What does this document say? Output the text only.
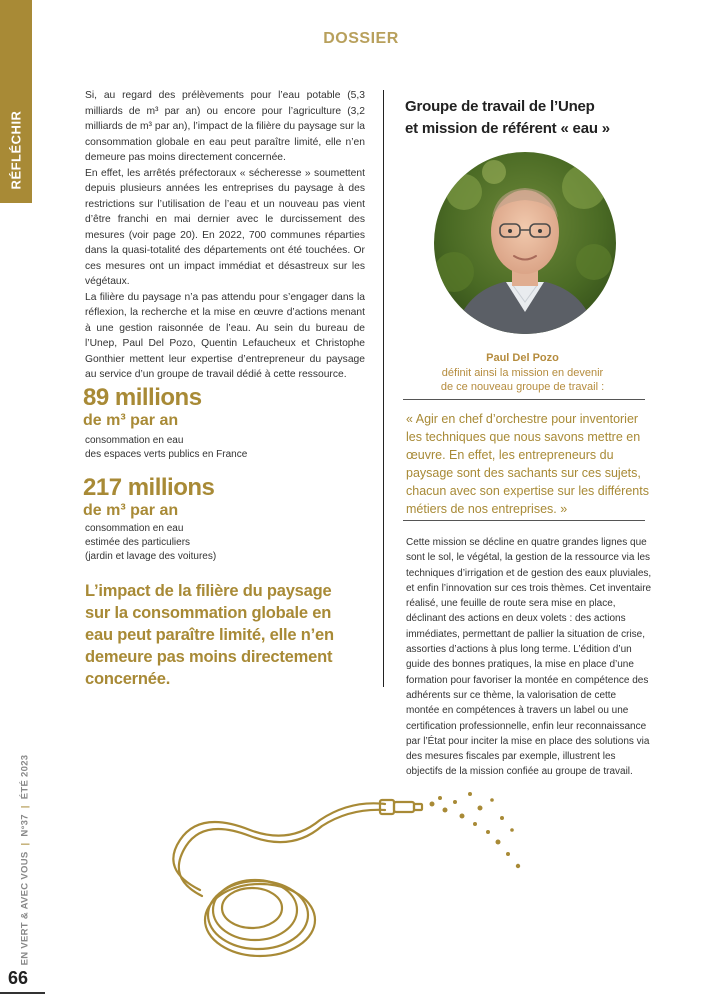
RÉFLÉCHIR
DOSSIER

Si, au regard des prélèvements pour l’eau potable (5,3 milliards de m³ par an) ou encore pour l’agriculture (3,2 milliards de m³ par an), l’impact de la filière du paysage sur la consommation globale en eau peut paraître limité, elle n’en demeure pas moins directement concernée.

En effet, les arrêtés préfectoraux « sécheresse » soumettent depuis plusieurs années les entreprises du paysage à des restrictions sur l’utilisation de l’eau et un nouveau pas vient d’être franchi en mai dernier avec le durcissement des mesures (voir page 20). En 2022, 700 communes réparties dans la quasi-totalité des départements ont été touchées. Or ces mesures ont un impact immédiat et désastreux sur les végétaux.

La filière du paysage n’a pas attendu pour s’engager dans la réflexion, la recherche et la mise en œuvre d’actions menant à une gestion raisonnée de l’eau. Au sein du bureau de l’Unep, Paul Del Pozo, Quentin Lefaucheux et Christophe Gonthier mettent leur expertise d’entrepreneur du paysage au service d’un groupe de travail dédié à cette ressource.

89 millions
de m³ par an
consommation en eau
des espaces verts publics en France
217 millions
de m³ par an
consommation en eau
estimée des particuliers
(jardin et lavage des voitures)
L’impact de la filière du paysage sur la consommation globale en eau peut paraître limité, elle n’en demeure pas moins directement concernée.
Groupe de travail de l’Unep
et mission de référent « eau »
Paul Del Pozo
définit ainsi la mission en devenir
de ce nouveau groupe de travail :
« Agir en chef d’orchestre pour inventorier les techniques que nous savons mettre en œuvre. En effet, les entrepreneurs du paysage sont des sachants sur ces sujets, chacun avec son expertise sur les différents métiers de nos entreprises. »
Cette mission se décline en quatre grandes lignes que sont le sol, le végétal, la gestion de la ressource via les techniques d’irrigation et de gestion des eaux pluviales, et enfin l’innovation sur ces trois thèmes. Cet inventaire réalisé, une feuille de route sera mise en place, déclinant des actions en deux volets : des actions immédiates, permettant de pallier la situation de crise, assorties d’actions à plus long terme. L’édition d’un guide des bonnes pratiques, la mise en place d’une formation pour favoriser la montée en compétence des adhérents sur ce thème, la valorisation de cette montée en compétences à travers un label ou une certification professionnelle, enfin leur reconnaissance par l’État pour inciter la mise en place des solutions via des mesures fiscales par exemple, illustrent les objectifs de la mission confiée au groupe de travail.
EN VERT & AVEC VOUS | N°37 | ÉTÉ 2023
66
